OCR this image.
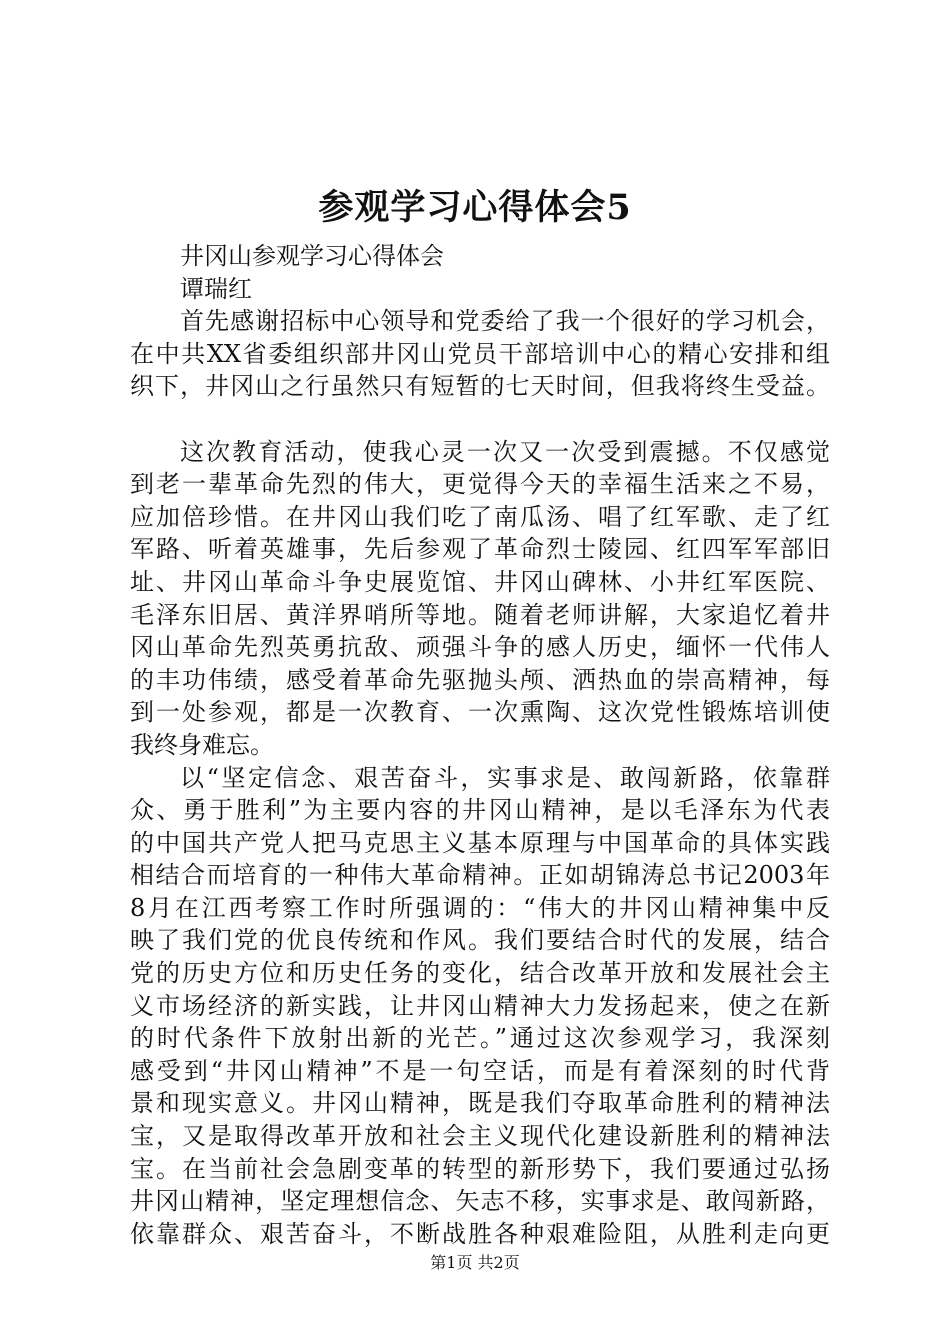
参观学习心得体会5
井冈山参观学习心得体会
谭瑞红
首先感谢招标中心领导和党委给了我一个很好的学习机会，
在中共XX省委组织部井冈山党员干部培训中心的精心安排和组
织下，井冈山之行虽然只有短暂的七天时间，但我将终生受益。
这次教育活动，使我心灵一次又一次受到震撼。不仅感觉
到老一辈革命先烈的伟大，更觉得今天的幸福生活来之不易，
应加倍珍惜。在井冈山我们吃了南瓜汤、唱了红军歌、走了红
军路、听着英雄事，先后参观了革命烈士陵园、红四军军部旧
址、井冈山革命斗争史展览馆、井冈山碑林、小井红军医院、
毛泽东旧居、黄洋界哨所等地。随着老师讲解，大家追忆着井
冈山革命先烈英勇抗敌、顽强斗争的感人历史，缅怀一代伟人
的丰功伟绩，感受着革命先驱抛头颅、洒热血的崇高精神，每
到一处参观，都是一次教育、一次熏陶、这次党性锻炼培训使
我终身难忘。
以“坚定信念、艰苦奋斗，实事求是、敢闯新路，依靠群
众、勇于胜利”为主要内容的井冈山精神，是以毛泽东为代表
的中国共产党人把马克思主义基本原理与中国革命的具体实践
相结合而培育的一种伟大革命精神。正如胡锦涛总书记2003年
8月在江西考察工作时所强调的：“伟大的井冈山精神集中反
映了我们党的优良传统和作风。我们要结合时代的发展，结合
党的历史方位和历史任务的变化，结合改革开放和发展社会主
义市场经济的新实践，让井冈山精神大力发扬起来，使之在新
的时代条件下放射出新的光芒。”通过这次参观学习，我深刻
感受到“井冈山精神”不是一句空话，而是有着深刻的时代背
景和现实意义。井冈山精神，既是我们夺取革命胜利的精神法
宝，又是取得改革开放和社会主义现代化建设新胜利的精神法
宝。在当前社会急剧变革的转型的新形势下，我们要通过弘扬
井冈山精神，坚定理想信念、矢志不移，实事求是、敢闯新路，
依靠群众、艰苦奋斗，不断战胜各种艰难险阻，从胜利走向更
第1页 共2页
